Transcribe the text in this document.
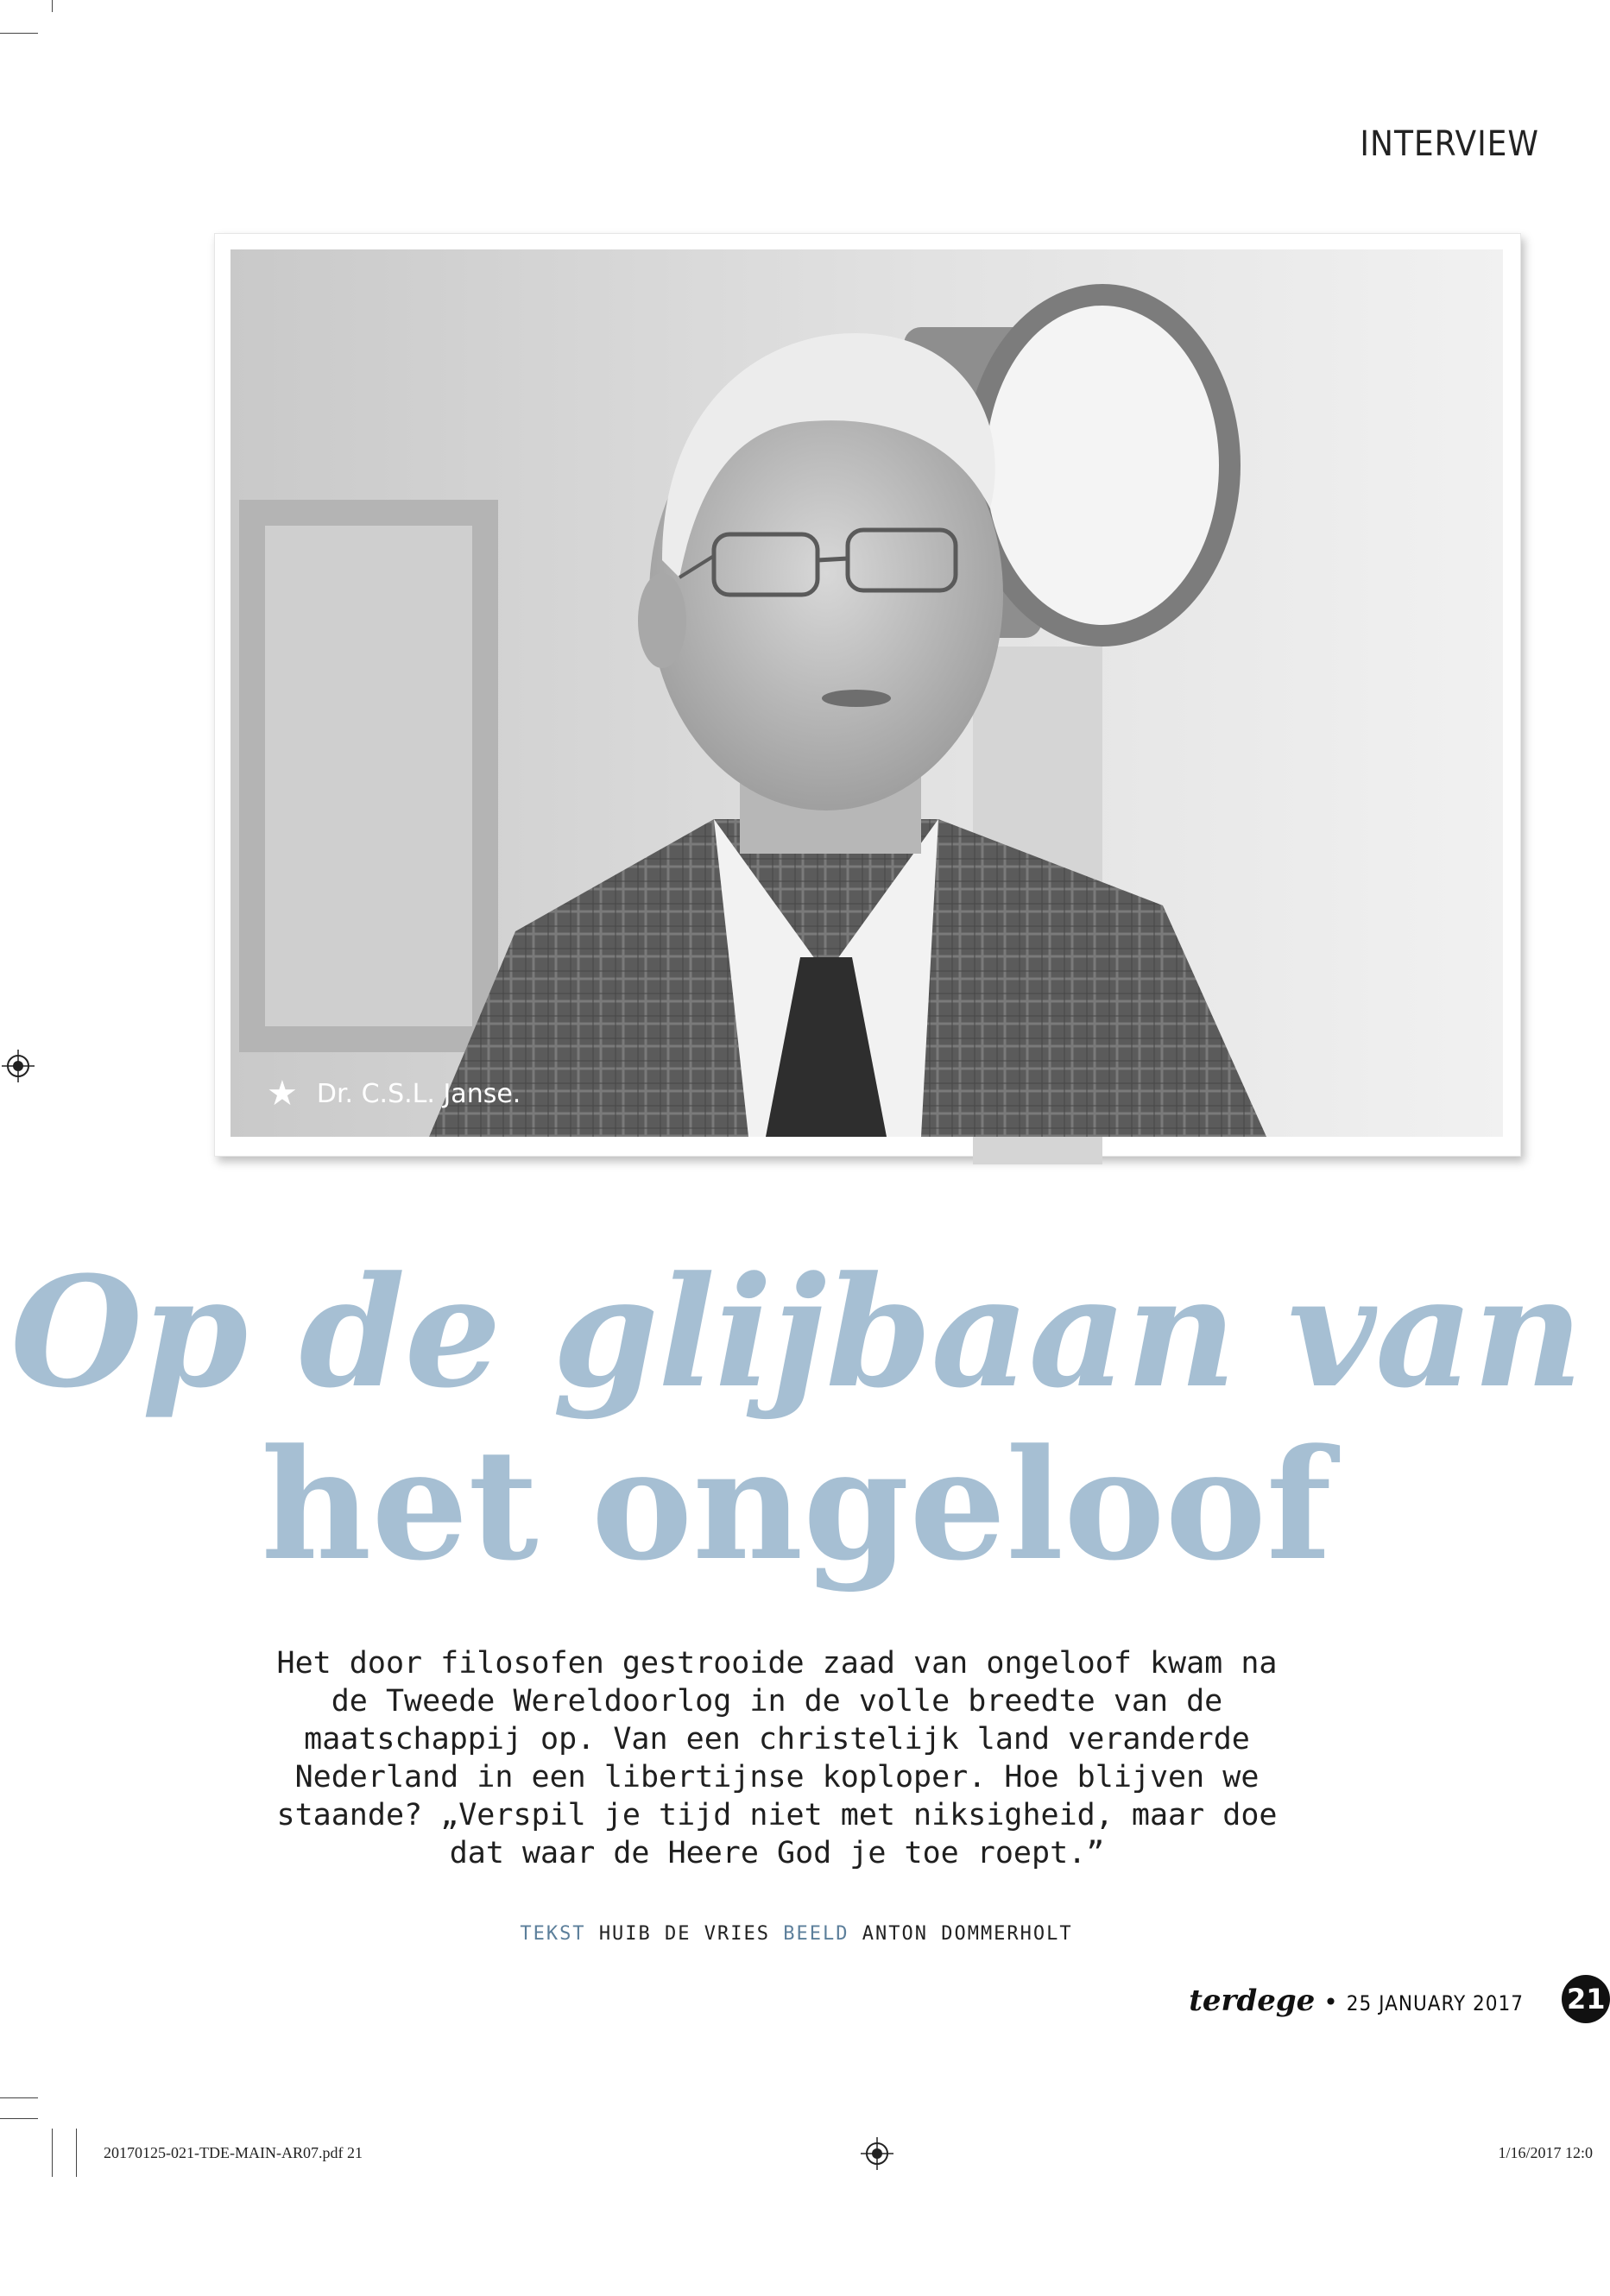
INTERVIEW
★ Dr. C.S.L. Janse.
Op de glijbaan van
het ongeloof

Het door filosofen gestrooide zaad van ongeloof kwam na de Tweede Wereldoorlog in de volle breedte van de maatschappij op. Van een christelijk land veranderde Nederland in een libertijnse koploper. Hoe blijven we staande? „Verspil je tijd niet met niksigheid, maar doe dat waar de Heere God je toe roept.”

TEKST HUIB DE VRIES BEELD ANTON DOMMERHOLT
terdege • 25 JANUARY 2017 21
20170125-021-TDE-MAIN-AR07.pdf 21	1/16/2017 12:0
